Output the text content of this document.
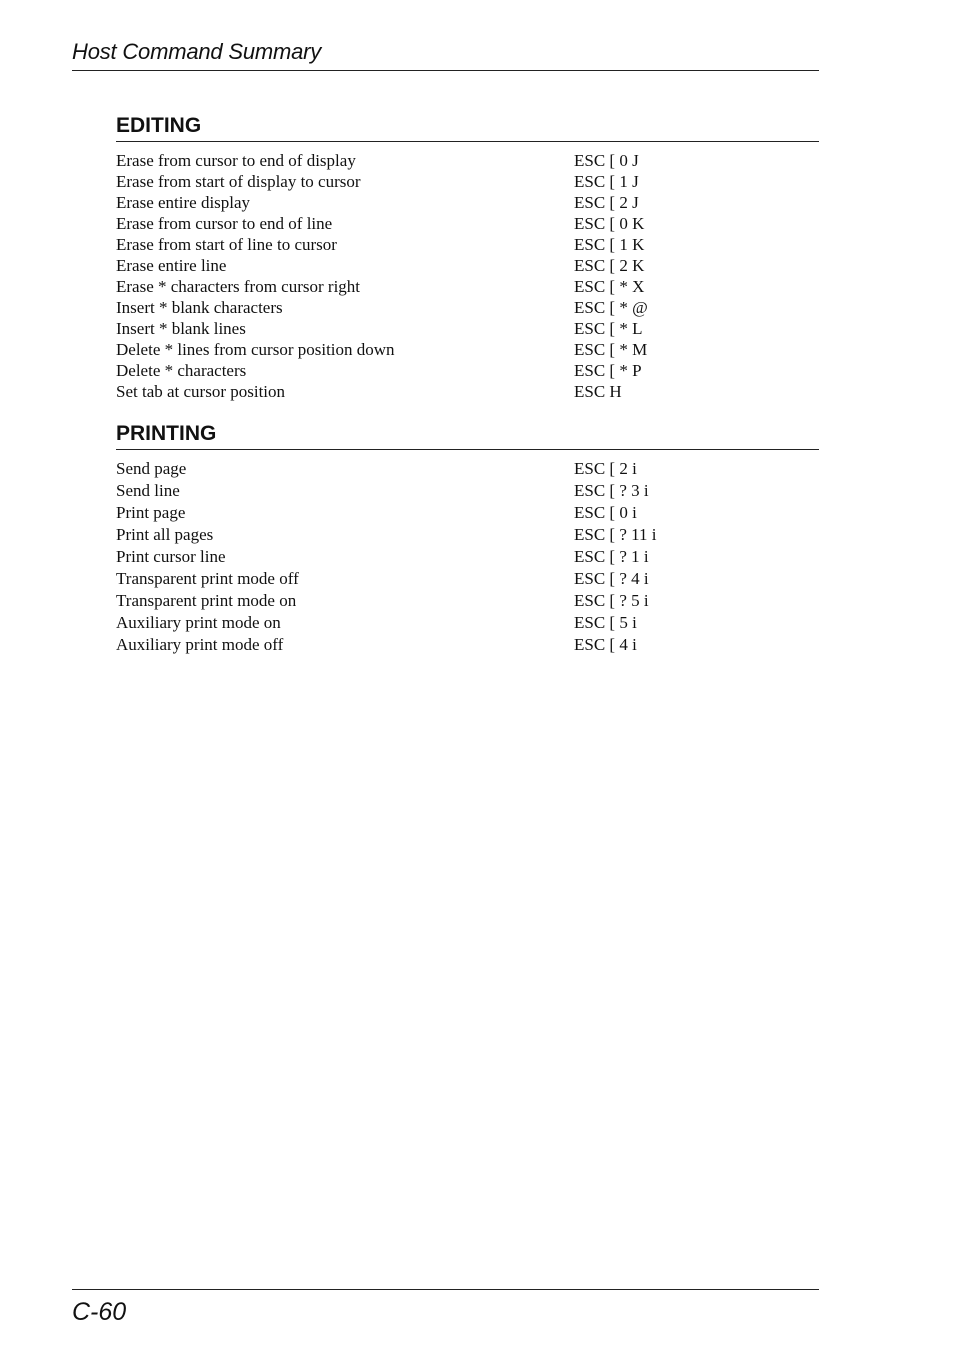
Host Command Summary
EDITING
Erase from cursor to end of display	ESC [ 0 J
Erase from start of display to cursor	ESC [ 1 J
Erase entire display	ESC [ 2 J
Erase from cursor to end of line	ESC [ 0 K
Erase from start of line to cursor	ESC [ 1 K
Erase entire line	ESC [ 2 K
Erase * characters from cursor right	ESC [ * X
Insert * blank characters	ESC [ * @
Insert * blank lines	ESC [ * L
Delete * lines from cursor position down	ESC [ * M
Delete * characters	ESC [ * P
Set tab at cursor position	ESC H
PRINTING
Send page	ESC [ 2 i
Send line	ESC [ ? 3 i
Print page	ESC [ 0 i
Print all pages	ESC [ ? 11 i
Print cursor line	ESC [ ? 1 i
Transparent print mode off	ESC [ ? 4 i
Transparent print mode on	ESC [ ? 5 i
Auxiliary print mode on	ESC [ 5 i
Auxiliary print mode off	ESC [ 4 i
C-60
